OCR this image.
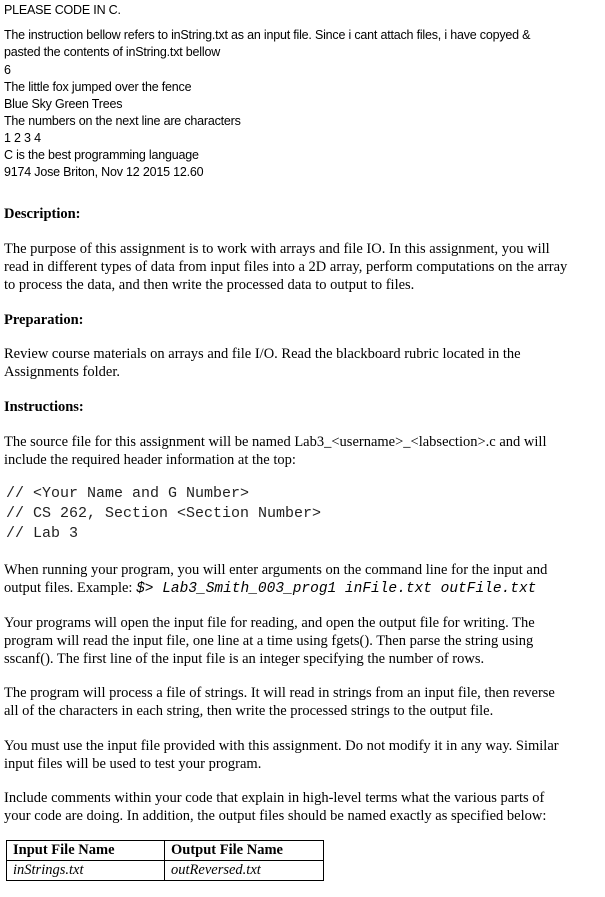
PLEASE CODE IN C.
The instruction bellow refers to inString.txt as an input file. Since i cant attach files, i have copyed &
pasted the contents of inString.txt bellow
6
The little fox jumped over the fence
Blue Sky Green Trees
The numbers on the next line are characters
1 2 3 4
C is the best programming language
9174 Jose Briton, Nov 12 2015 12.60
Description:
The purpose of this assignment is to work with arrays and file IO. In this assignment, you will
read in different types of data from input files into a 2D array, perform computations on the array
to process the data, and then write the processed data to output to files.
Preparation:
Review course materials on arrays and file I/O. Read the blackboard rubric located in the
Assignments folder.
Instructions:
The source file for this assignment will be named Lab3_<username>_<labsection>.c and will
include the required header information at the top:
// <Your Name and G Number>
// CS 262, Section <Section Number>
// Lab 3
When running your program, you will enter arguments on the command line for the input and
output files. Example: $> Lab3_Smith_003_prog1 inFile.txt outFile.txt
Your programs will open the input file for reading, and open the output file for writing. The
program will read the input file, one line at a time using fgets(). Then parse the string using
sscanf(). The first line of the input file is an integer specifying the number of rows.
The program will process a file of strings. It will read in strings from an input file, then reverse
all of the characters in each string, then write the processed strings to the output file.
You must use the input file provided with this assignment. Do not modify it in any way. Similar
input files will be used to test your program.
Include comments within your code that explain in high-level terms what the various parts of
your code are doing. In addition, the output files should be named exactly as specified below:
Input File Name	Output File Name
inStrings.txt	outReversed.txt
